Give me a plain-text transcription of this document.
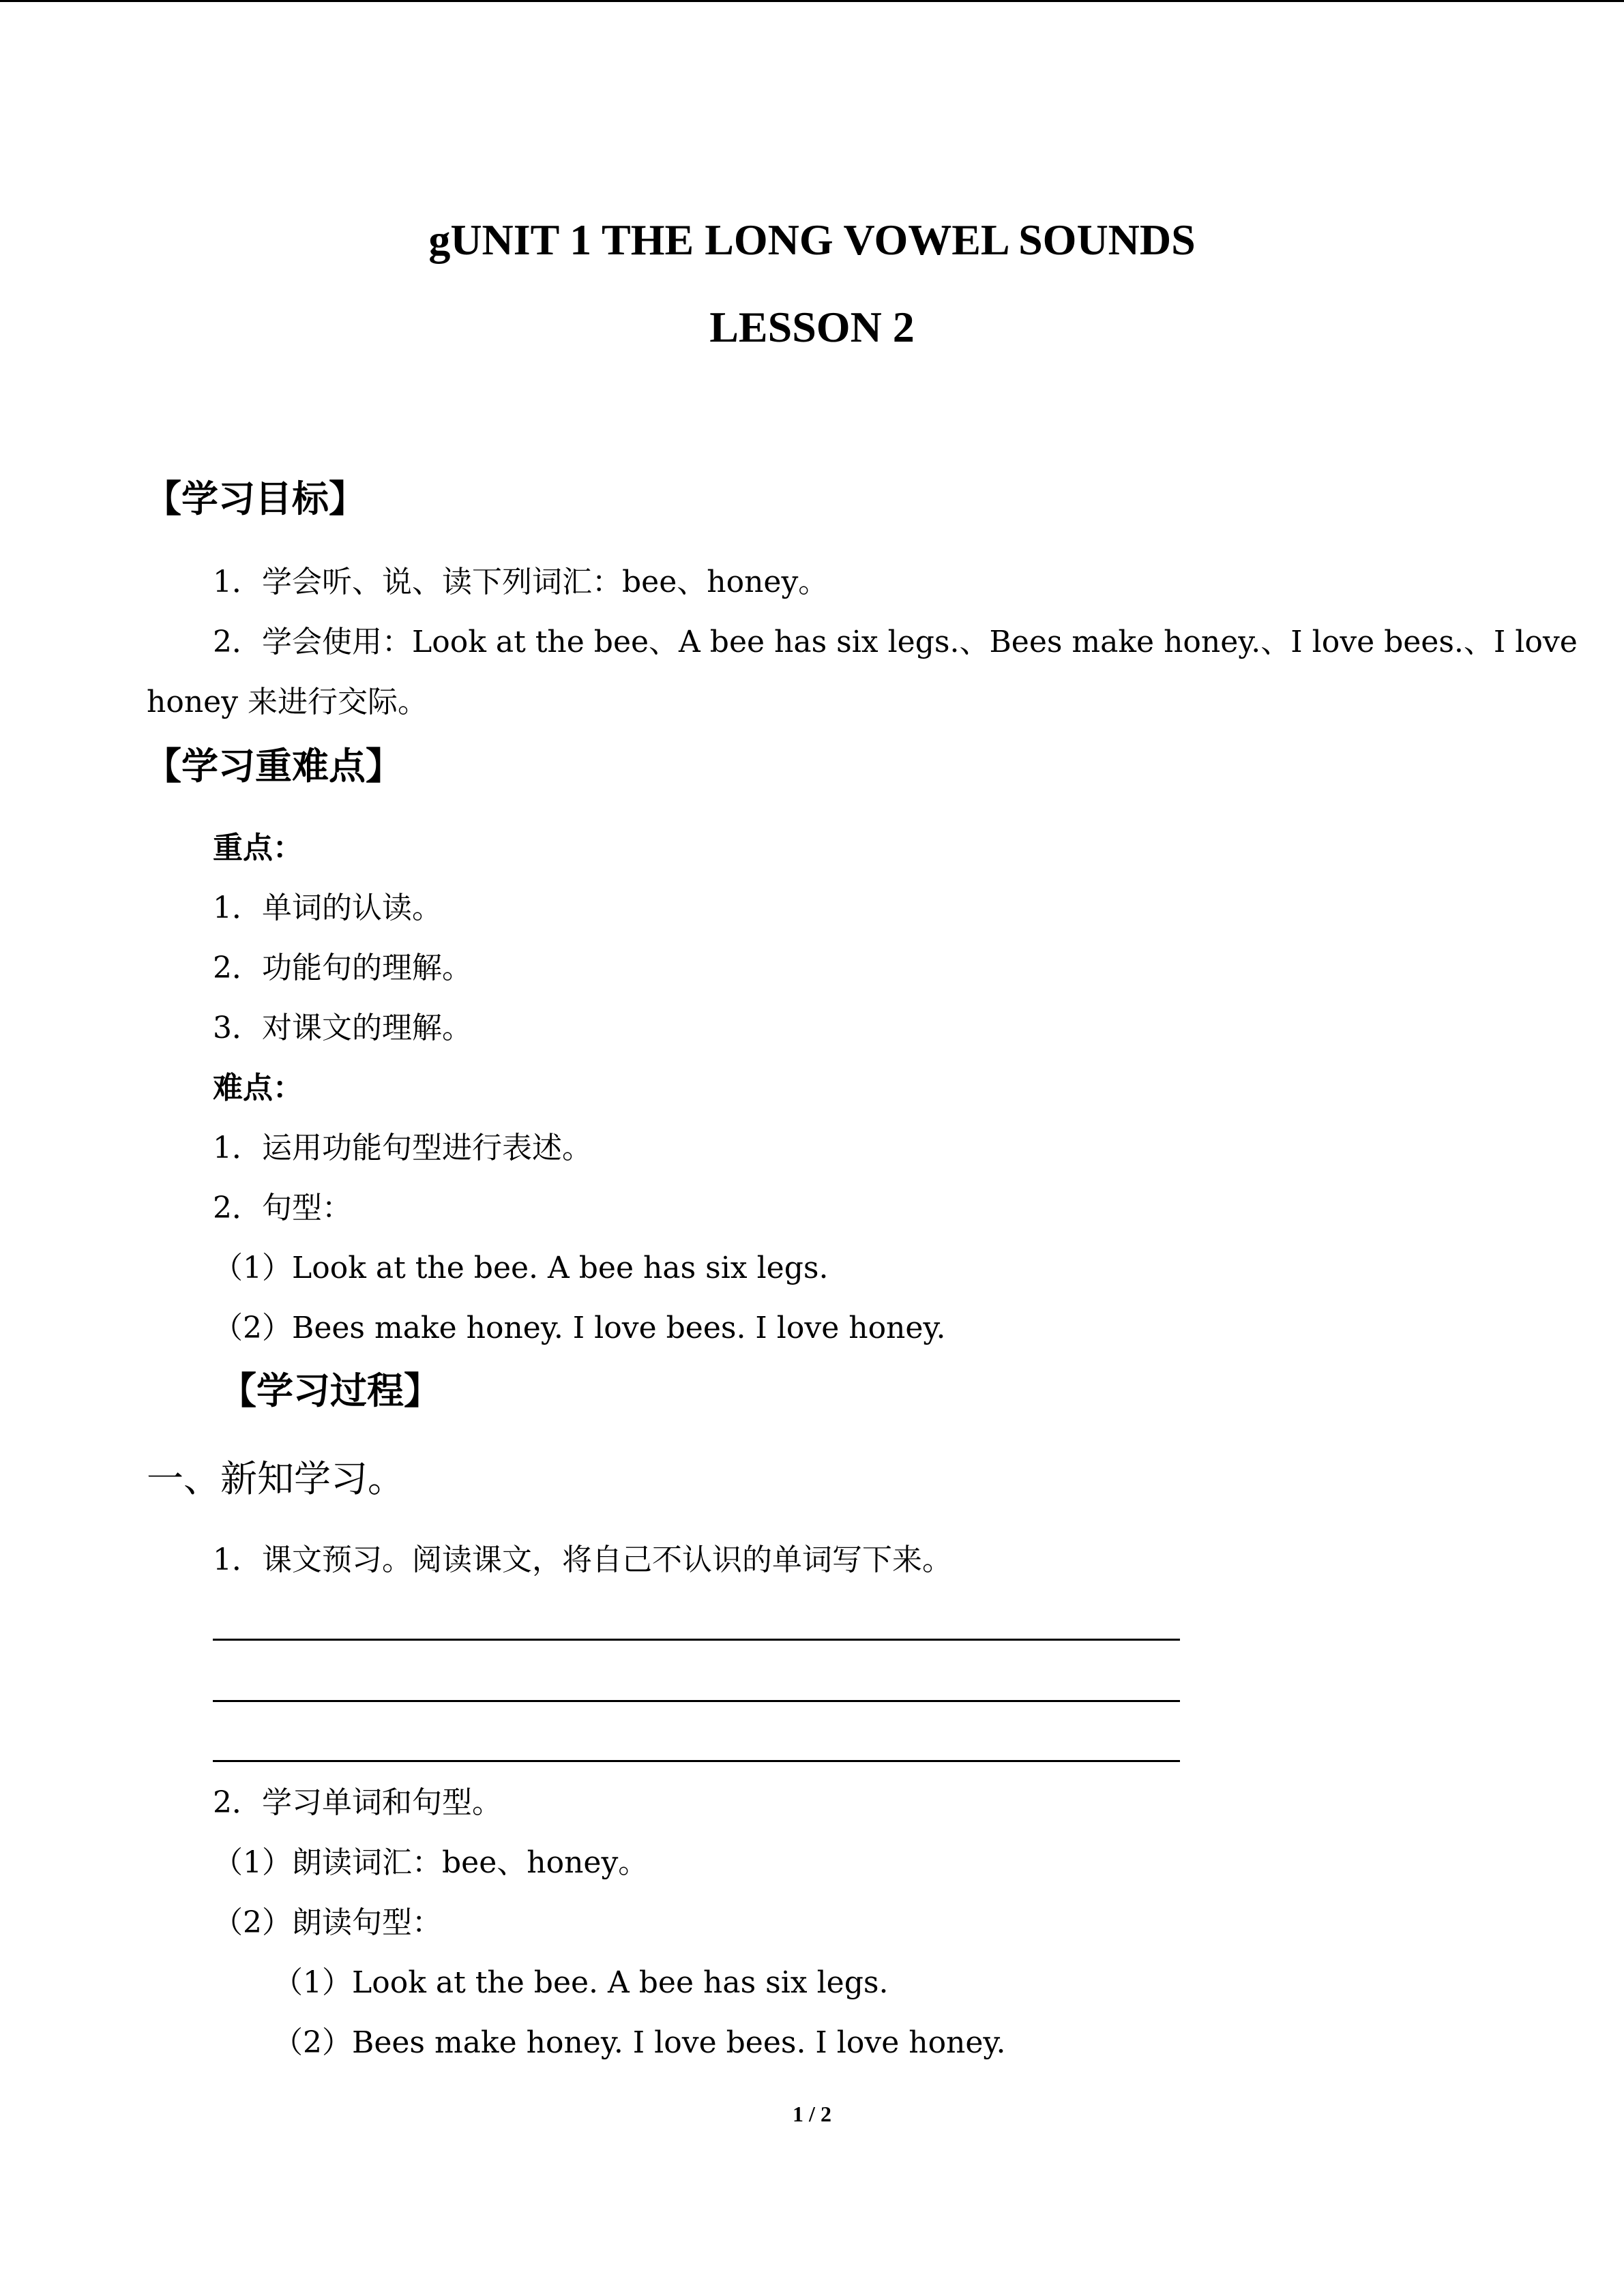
gUNIT 1 THE LONG VOWEL SOUNDS
LESSON 2
【学习目标】
1．学会听、说、读下列词汇：bee、honey。
2．学会使用：Look at the bee、A bee has six legs.、Bees make honey.、I love bees.、I love
honey 来进行交际。
【学习重难点】
重点：
1．单词的认读。
2．功能句的理解。
3．对课文的理解。
难点：
1．运用功能句型进行表述。
2．句型：
（1）Look at the bee. A bee has six legs.
（2）Bees make honey. I love bees. I love honey.
【学习过程】
一、新知学习。
1．课文预习。阅读课文，将自己不认识的单词写下来。
2．学习单词和句型。
（1）朗读词汇：bee、honey。
（2）朗读句型：
（1）Look at the bee. A bee has six legs.
（2）Bees make honey. I love bees. I love honey.
1 / 2
